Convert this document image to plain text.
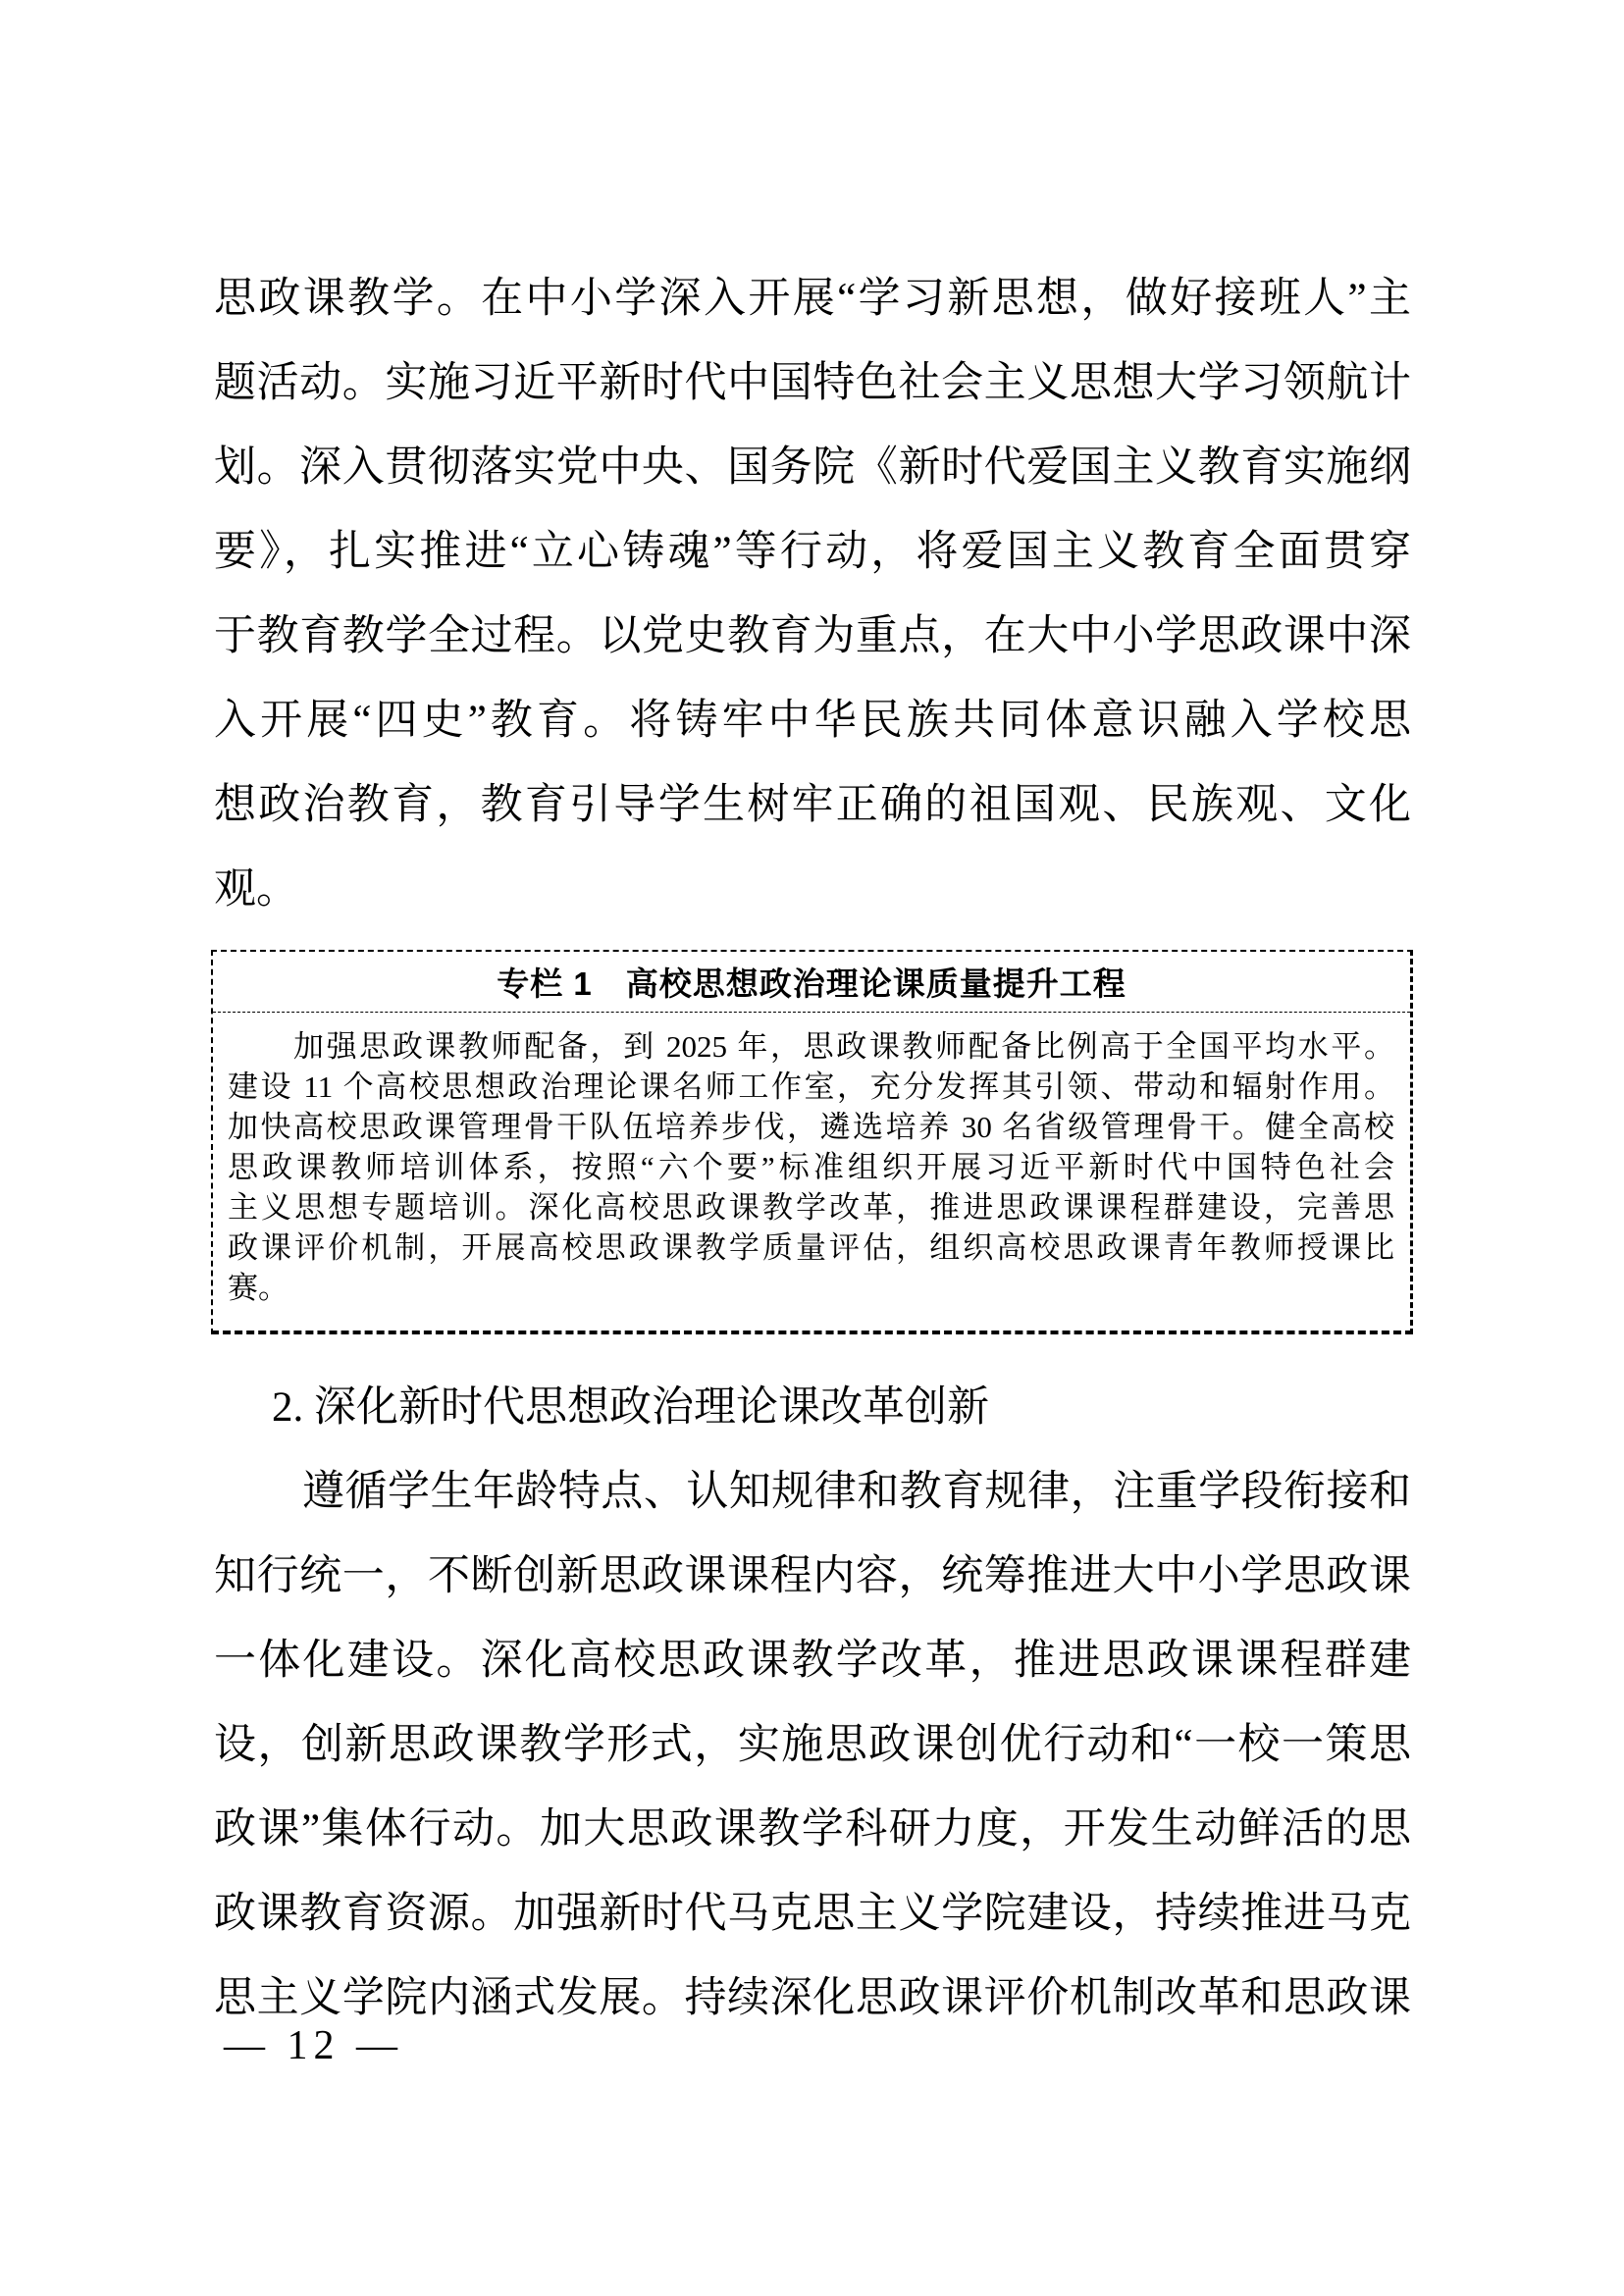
思政课教学。在中小学深入开展“学习新思想，做好接班人”主
题活动。实施习近平新时代中国特色社会主义思想大学习领航计
划。深入贯彻落实党中央、国务院《新时代爱国主义教育实施纲
要》，扎实推进“立心铸魂”等行动，将爱国主义教育全面贯穿
于教育教学全过程。以党史教育为重点，在大中小学思政课中深
入开展“四史”教育。将铸牢中华民族共同体意识融入学校思
想政治教育，教育引导学生树牢正确的祖国观、民族观、文化
观。
专栏 1　高校思想政治理论课质量提升工程
加强思政课教师配备，到 2025 年，思政课教师配备比例高于全国平均水平。
建设 11 个高校思想政治理论课名师工作室，充分发挥其引领、带动和辐射作用。
加快高校思政课管理骨干队伍培养步伐，遴选培养 30 名省级管理骨干。健全高校
思政课教师培训体系，按照“六个要”标准组织开展习近平新时代中国特色社会
主义思想专题培训。深化高校思政课教学改革，推进思政课课程群建设，完善思
政课评价机制，开展高校思政课教学质量评估，组织高校思政课青年教师授课比
赛。
2. 深化新时代思想政治理论课改革创新
遵循学生年龄特点、认知规律和教育规律，注重学段衔接和
知行统一，不断创新思政课课程内容，统筹推进大中小学思政课
一体化建设。深化高校思政课教学改革，推进思政课课程群建
设，创新思政课教学形式，实施思政课创优行动和“一校一策思
政课”集体行动。加大思政课教学科研力度，开发生动鲜活的思
政课教育资源。加强新时代马克思主义学院建设，持续推进马克
思主义学院内涵式发展。持续深化思政课评价机制改革和思政课
— 12 —
